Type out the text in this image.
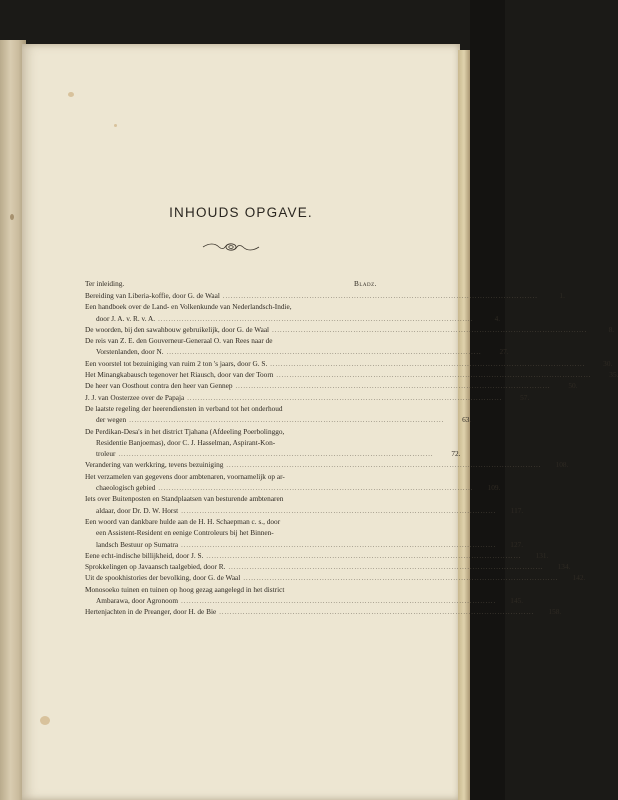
INHOUDS OPGAVE.
Ter inleiding.	Bladz.
Bereiding van Liberia-koffie, door G. de Waal ........................................................................................................................	1.
Een handboek over de Land- en Volkenkunde van Nederlandsch-Indie,
door J. A. v. R. v. A. ........................................................................................................................	4.
De woorden, bij den sawahbouw gebruikelijk, door G. de Waal ........................................................................................................................	8.
De reis van Z. E. den Gouverneur-Generaal O. van Rees naar de
Vorstenlanden, door N. ........................................................................................................................	27.
Een voorstel tot bezuiniging van ruim 2 ton 's jaars, door G. S. ........................................................................................................................	30.
Het Minangkabausch tegenover het Riausch, door van der Toorn ........................................................................................................................	35.
De heer van Oosthout contra den heer van Gennep ........................................................................................................................	50.
J. J. van Oosterzee over de Papaja ........................................................................................................................	57.
De laatste regeling der heerendiensten in verband tot het onderhoud
der wegen ........................................................................................................................	63.
De Perdikan-Desa's in het district Tjahana (Afdeeling Poerbolinggo,
Residentie Banjoemas), door C. J. Hasselman, Aspirant-Kon-
troleur ........................................................................................................................	72.
Verandering van werkkring, tevens bezuiniging ........................................................................................................................	108.
Het verzamelen van gegevens door ambtenaren, voornamelijk op ar-
chaeologisch gebied ........................................................................................................................	109.
Iets over Buitenposten en Standplaatsen van besturende ambtenaren
aldaar, door Dr. D. W. Horst ........................................................................................................................	117.
Een woord van dankbare hulde aan de H. H. Schaepman c. s., door
een Assistent-Resident en eenige Controleurs bij het Binnen-
landsch Bestuur op Sumatra ........................................................................................................................	127.
Eene echt-indische billijkheid, door J. S. ........................................................................................................................	131.
Sprokkelingen op Javaansch taalgebied, door R. ........................................................................................................................	134.
Uit de spookhistories der bevolking, door G. de Waal ........................................................................................................................	142.
Monosoeko tuinen en tuinen op hoog gezag aangelegd in het district
Ambarawa, door Agronoom ........................................................................................................................	145.
Hertenjachten in de Preanger, door H. de Bie ........................................................................................................................	158.
